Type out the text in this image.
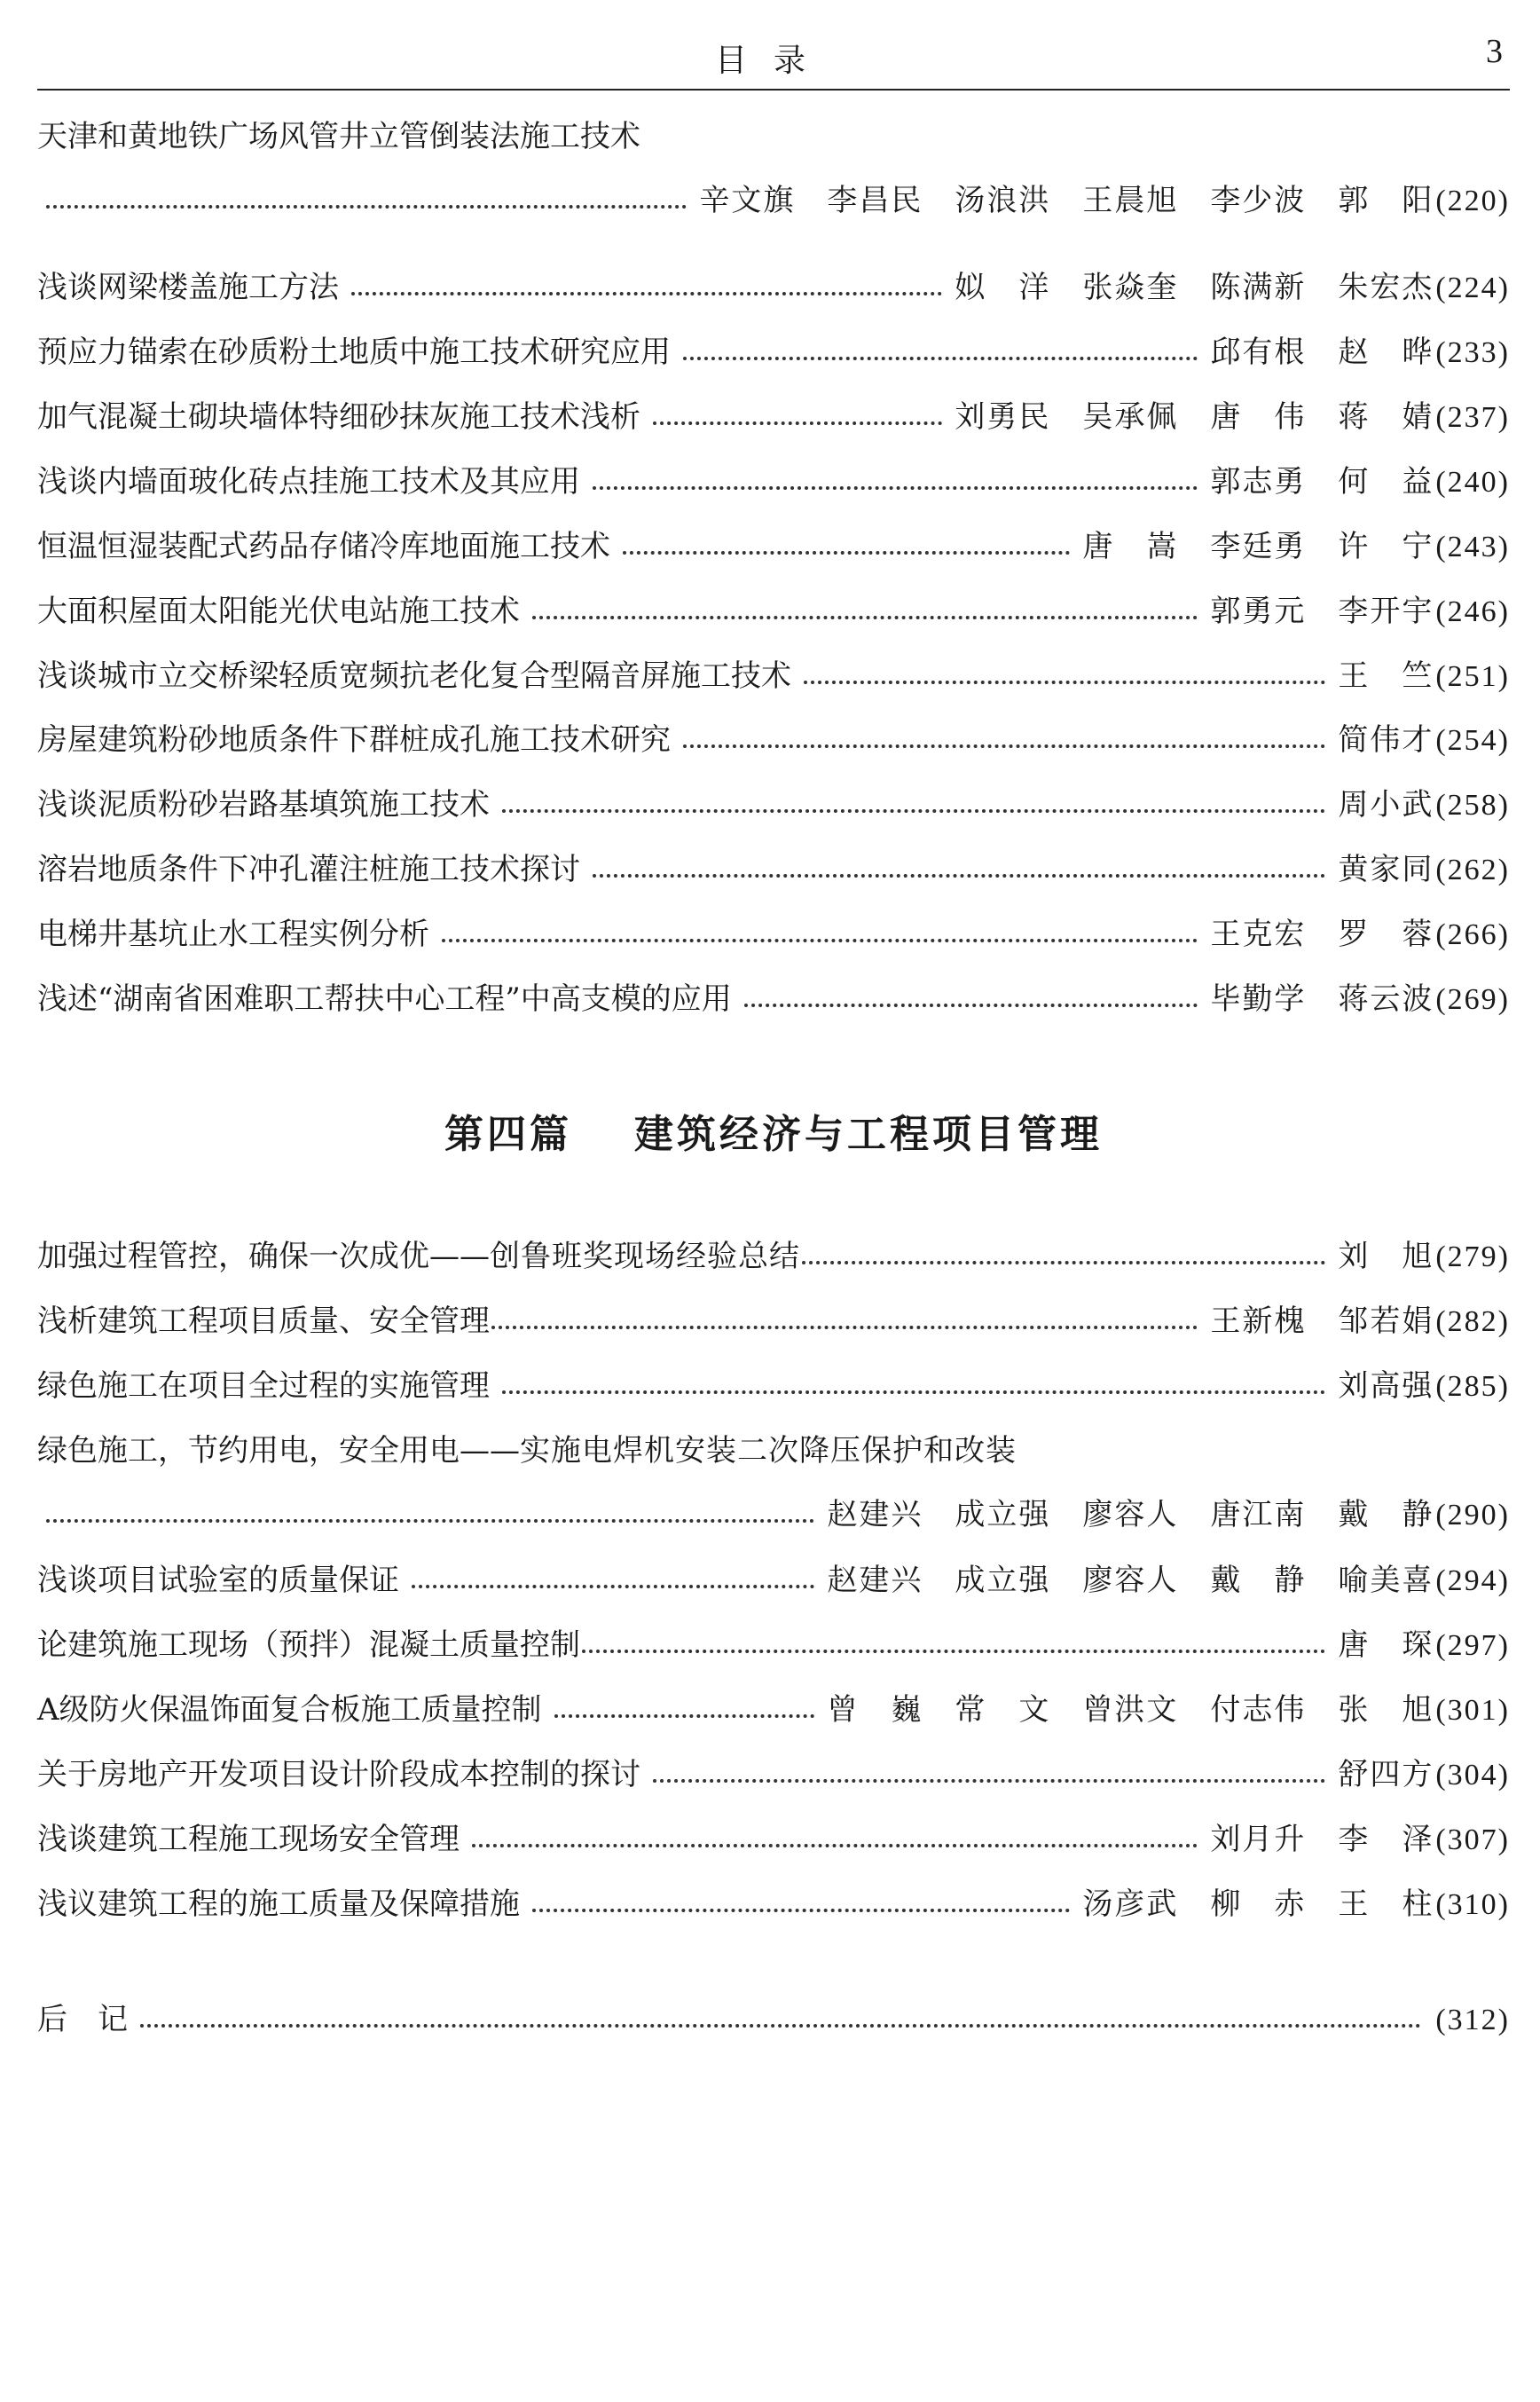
目录	3
天津和黄地铁广场风管井立管倒装法施工技术
辛文旗 李昌民 汤浪洪 王晨旭 李少波 郭　阳 (220)
浅谈网梁楼盖施工方法	姒　洋 张焱奎 陈满新 朱宏杰 (224)
预应力锚索在砂质粉土地质中施工技术研究应用	邱有根 赵　晔 (233)
加气混凝土砌块墙体特细砂抹灰施工技术浅析	刘勇民 吴承佩 唐　伟 蒋　婧 (237)
浅谈内墙面玻化砖点挂施工技术及其应用	郭志勇 何　益 (240)
恒温恒湿装配式药品存储冷库地面施工技术	唐　嵩 李廷勇 许　宁 (243)
大面积屋面太阳能光伏电站施工技术	郭勇元 李开宇 (246)
浅谈城市立交桥梁轻质宽频抗老化复合型隔音屏施工技术	王　竺 (251)
房屋建筑粉砂地质条件下群桩成孔施工技术研究	简伟才 (254)
浅谈泥质粉砂岩路基填筑施工技术	周小武 (258)
溶岩地质条件下冲孔灌注桩施工技术探讨	黄家同 (262)
电梯井基坑止水工程实例分析	王克宏 罗　蓉 (266)
浅述“湖南省困难职工帮扶中心工程”中高支模的应用	毕勤学 蒋云波 (269)
第四篇 建筑经济与工程项目管理
加强过程管控，确保一次成优——创鲁班奖现场经验总结	刘　旭 (279)
浅析建筑工程项目质量、安全管理	王新槐 邹若娟 (282)
绿色施工在项目全过程的实施管理	刘高强 (285)
绿色施工，节约用电，安全用电——实施电焊机安装二次降压保护和改装
赵建兴 成立强 廖容人 唐江南 戴　静 (290)
浅谈项目试验室的质量保证	赵建兴 成立强 廖容人 戴　静 喻美喜 (294)
论建筑施工现场（预拌）混凝土质量控制	唐　琛 (297)
A级防火保温饰面复合板施工质量控制	曾　巍 常　文 曾洪文 付志伟 张　旭 (301)
关于房地产开发项目设计阶段成本控制的探讨	舒四方 (304)
浅谈建筑工程施工现场安全管理	刘月升 李　泽 (307)
浅议建筑工程的施工质量及保障措施	汤彦武 柳　赤 王　柱 (310)
后　记	(312)
